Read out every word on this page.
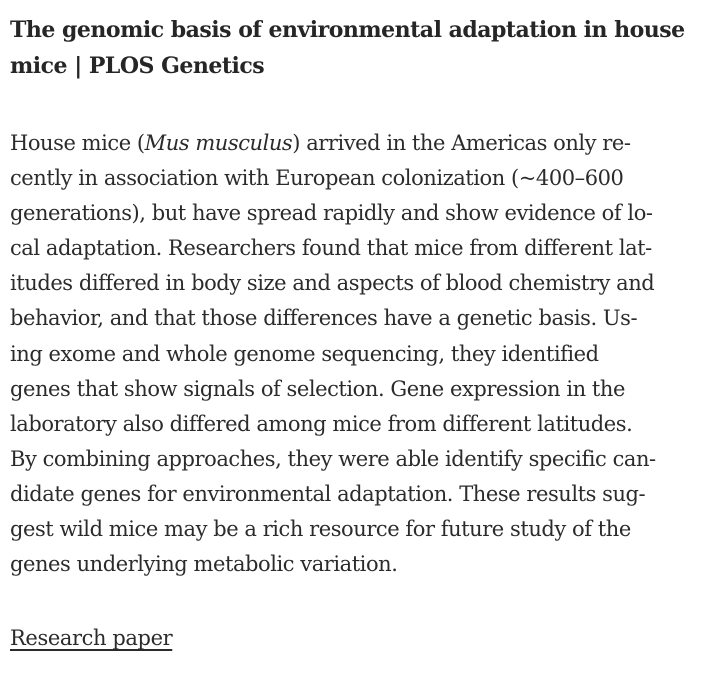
The genomic basis of environmental adaptation in house
mice | PLOS Genetics
House mice (Mus musculus) arrived in the Americas only re-
cently in association with European colonization (~400–600
generations), but have spread rapidly and show evidence of lo-
cal adaptation. Researchers found that mice from different lat-
itudes differed in body size and aspects of blood chemistry and
behavior, and that those differences have a genetic basis. Us-
ing exome and whole genome sequencing, they identified
genes that show signals of selection. Gene expression in the
laboratory also differed among mice from different latitudes.
By combining approaches, they were able identify specific can-
didate genes for environmental adaptation. These results sug-
gest wild mice may be a rich resource for future study of the
genes underlying metabolic variation.
Research paper
